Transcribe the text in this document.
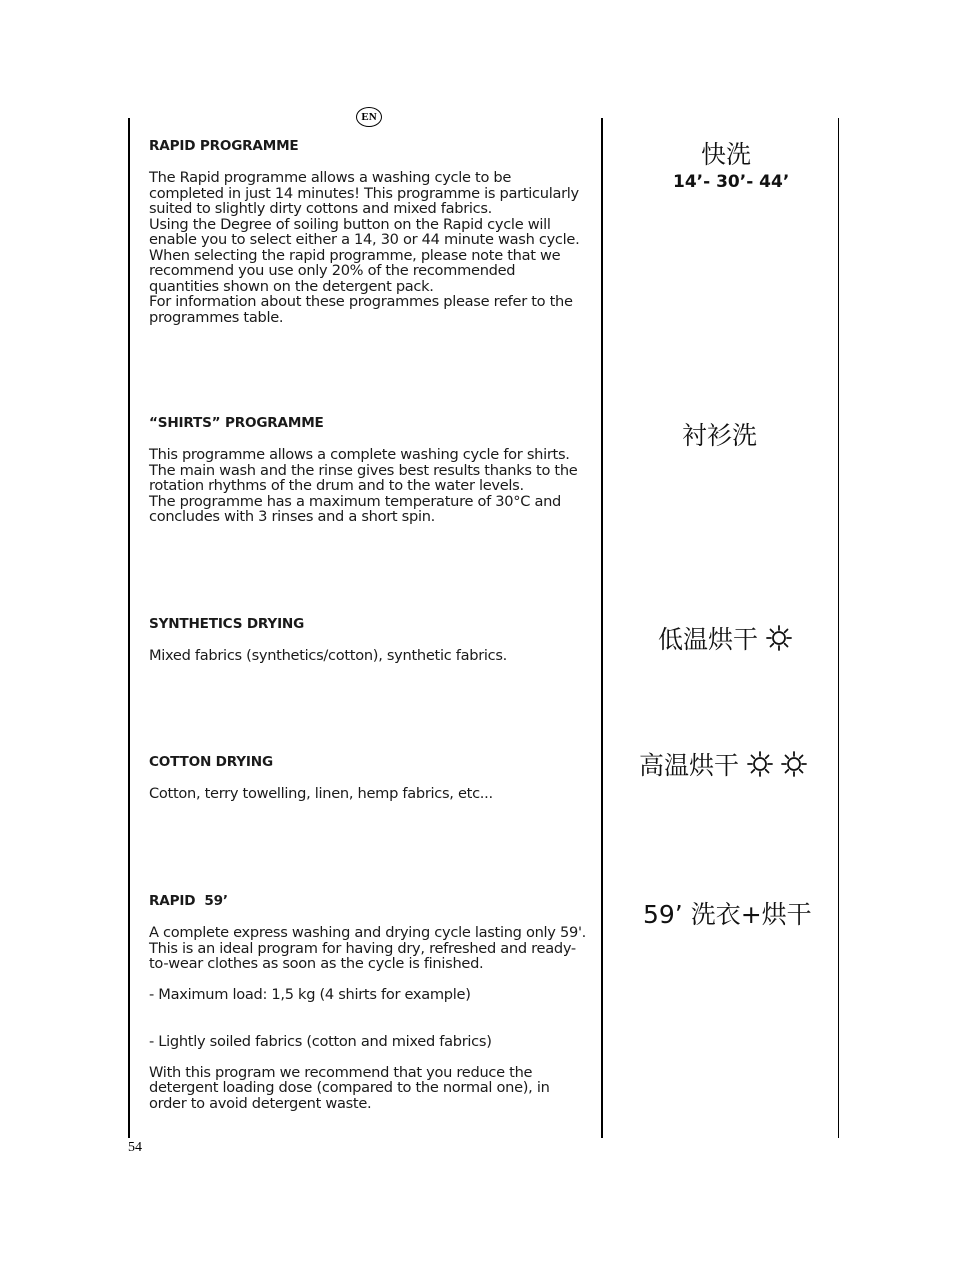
EN
RAPID PROGRAMME

The Rapid programme allows a washing cycle to be completed in just 14 minutes! This programme is particularly suited to slightly dirty cottons and mixed fabrics.

Using the Degree of soiling button on the Rapid cycle will enable you to select either a 14, 30 or 44 minute wash cycle.

When selecting the rapid programme, please note that we recommend you use only 20% of the recommended quantities shown on the detergent pack.

For information about these programmes please refer to the programmes table.

快洗
14’- 30’- 44’
“SHIRTS” PROGRAMME

This programme allows a complete washing cycle for shirts. The main wash and the rinse gives best results thanks to the rotation rhythms of the drum and to the water levels.

The programme has a maximum temperature of 30°C and concludes with 3 rinses and a short spin.

衬衫洗
SYNTHETICS DRYING

Mixed fabrics (synthetics/cotton), synthetic fabrics.

低温烘干
COTTON DRYING

Cotton, terry towelling, linen, hemp fabrics, etc...

高温烘干
RAPID  59’

A complete express washing and drying cycle lasting only 59'. This is an ideal program for having dry, refreshed and ready-to-wear clothes as soon as the cycle is finished.

- Maximum load: 1,5 kg (4 shirts for example)

- Lightly soiled fabrics (cotton and mixed fabrics)

With this program we recommend that you reduce the detergent loading dose (compared to the normal one), in order to avoid detergent waste.

59’ 洗衣+烘干
54
